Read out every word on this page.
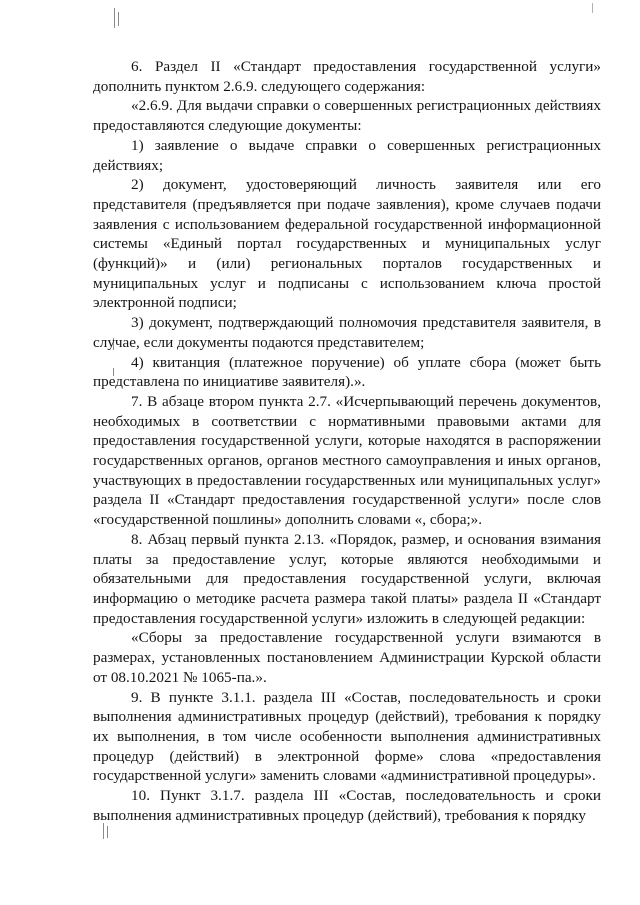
6. Раздел II «Стандарт предоставления государственной услуги» дополнить пунктом 2.6.9. следующего содержания:

«2.6.9. Для выдачи справки о совершенных регистрационных действиях предоставляются следующие документы:

1) заявление о выдаче справки о совершенных регистрационных действиях;

2) документ, удостоверяющий личность заявителя или его представителя (предъявляется при подаче заявления), кроме случаев подачи заявления с использованием федеральной государственной информационной системы «Единый портал государственных и муниципальных услуг (функций)» и (или) региональных порталов государственных и муниципальных услуг и подписаны с использованием ключа простой электронной подписи;

3) документ, подтверждающий полномочия представителя заявителя, в случае, если документы подаются представителем;

4) квитанция (платежное поручение) об уплате сбора (может быть представлена по инициативе заявителя).».

7. В абзаце втором пункта 2.7. «Исчерпывающий перечень документов, необходимых в соответствии с нормативными правовыми актами для предоставления государственной услуги, которые находятся в распоряжении государственных органов, органов местного самоуправления и иных органов, участвующих в предоставлении государственных или муниципальных услуг» раздела II «Стандарт предоставления государственной услуги» после слов «государственной пошлины» дополнить словами «, сбора;».

8. Абзац первый пункта 2.13. «Порядок, размер, и основания взимания платы за предоставление услуг, которые являются необходимыми и обязательными для предоставления государственной услуги, включая информацию о методике расчета размера такой платы» раздела II «Стандарт предоставления государственной услуги» изложить в следующей редакции:

«Сборы за предоставление государственной услуги взимаются в размерах, установленных постановлением Администрации Курской области от 08.10.2021 № 1065-па.».

9. В пункте 3.1.1. раздела III «Состав, последовательность и сроки выполнения административных процедур (действий), требования к порядку их выполнения, в том числе особенности выполнения административных процедур (действий) в электронной форме» слова «предоставления государственной услуги» заменить словами «административной процедуры».

10. Пункт 3.1.7. раздела III «Состав, последовательность и сроки выполнения административных процедур (действий), требования к порядку
